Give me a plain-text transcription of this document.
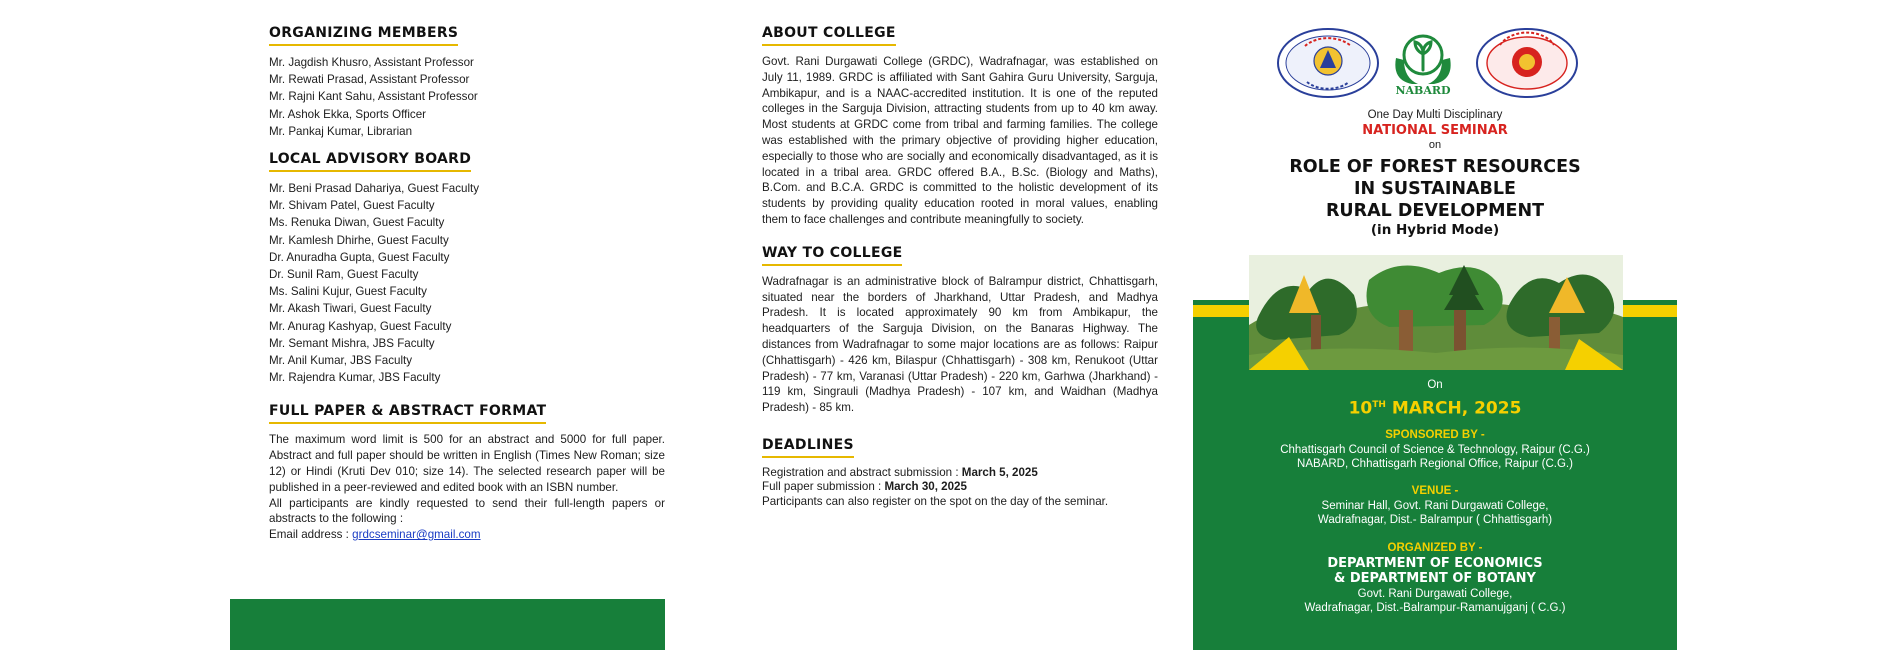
ORGANIZING MEMBERS
Mr. Jagdish Khusro, Assistant Professor
Mr. Rewati Prasad, Assistant Professor
Mr. Rajni Kant Sahu, Assistant Professor
Mr. Ashok Ekka, Sports Officer
Mr. Pankaj Kumar, Librarian
LOCAL ADVISORY BOARD
Mr. Beni Prasad Dahariya, Guest Faculty
Mr. Shivam Patel, Guest Faculty
Ms. Renuka Diwan, Guest Faculty
Mr. Kamlesh Dhirhe, Guest Faculty
Dr. Anuradha Gupta, Guest Faculty
Dr. Sunil Ram, Guest Faculty
Ms. Salini Kujur, Guest Faculty
Mr. Akash Tiwari, Guest Faculty
Mr. Anurag Kashyap, Guest Faculty
Mr. Semant Mishra, JBS Faculty
Mr. Anil Kumar, JBS Faculty
Mr. Rajendra Kumar, JBS Faculty
FULL PAPER & ABSTRACT FORMAT

The maximum word limit is 500 for an abstract and 5000 for full paper. Abstract and full paper should be written in English (Times New Roman; size 12) or Hindi (Kruti Dev 010; size 14). The selected research paper will be published in a peer-reviewed and edited book with an ISBN number.

All participants are kindly requested to send their full-length papers or abstracts to the following :

Email address : grdcseminar@gmail.com

ABOUT COLLEGE

Govt. Rani Durgawati College (GRDC), Wadrafnagar, was established on July 11, 1989. GRDC is affiliated with Sant Gahira Guru University, Sarguja, Ambikapur, and is a NAAC-accredited institution. It is one of the reputed colleges in the Sarguja Division, attracting students from up to 40 km away. Most students at GRDC come from tribal and farming families. The college was established with the primary objective of providing higher education, especially to those who are socially and economically disadvantaged, as it is located in a tribal area. GRDC offered B.A., B.Sc. (Biology and Maths), B.Com. and B.C.A. GRDC is committed to the holistic development of its students by providing quality education rooted in moral values, enabling them to face challenges and contribute meaningfully to society.

WAY TO COLLEGE

Wadrafnagar is an administrative block of Balrampur district, Chhattisgarh, situated near the borders of Jharkhand, Uttar Pradesh, and Madhya Pradesh. It is located approximately 90 km from Ambikapur, the headquarters of the Sarguja Division, on the Banaras Highway. The distances from Wadrafnagar to some major locations are as follows: Raipur (Chhattisgarh) - 426 km, Bilaspur (Chhattisgarh) - 308 km, Renukoot (Uttar Pradesh) - 77 km, Varanasi (Uttar Pradesh) - 220 km, Garhwa (Jharkhand) - 119 km, Singrauli (Madhya Pradesh) - 107 km, and Waidhan (Madhya Pradesh) - 85 km.

DEADLINES

Registration and abstract submission : March 5, 2025

Full paper submission : March 30, 2025

Participants can also register on the spot on the day of the seminar.

NABARD
One Day Multi Disciplinary
NATIONAL SEMINAR
on
ROLE OF FOREST RESOURCES
IN SUSTAINABLE
RURAL DEVELOPMENT
(in Hybrid Mode)
On
10TH MARCH, 2025
SPONSORED BY -
Chhattisgarh Council of Science & Technology, Raipur (C.G.)
NABARD, Chhattisgarh Regional Office, Raipur (C.G.)
VENUE -
Seminar Hall, Govt. Rani Durgawati College,
Wadrafnagar, Dist.- Balrampur ( Chhattisgarh)
ORGANIZED BY -
DEPARTMENT OF ECONOMICS
& DEPARTMENT OF BOTANY
Govt. Rani Durgawati College,
Wadrafnagar, Dist.-Balrampur-Ramanujganj ( C.G.)
